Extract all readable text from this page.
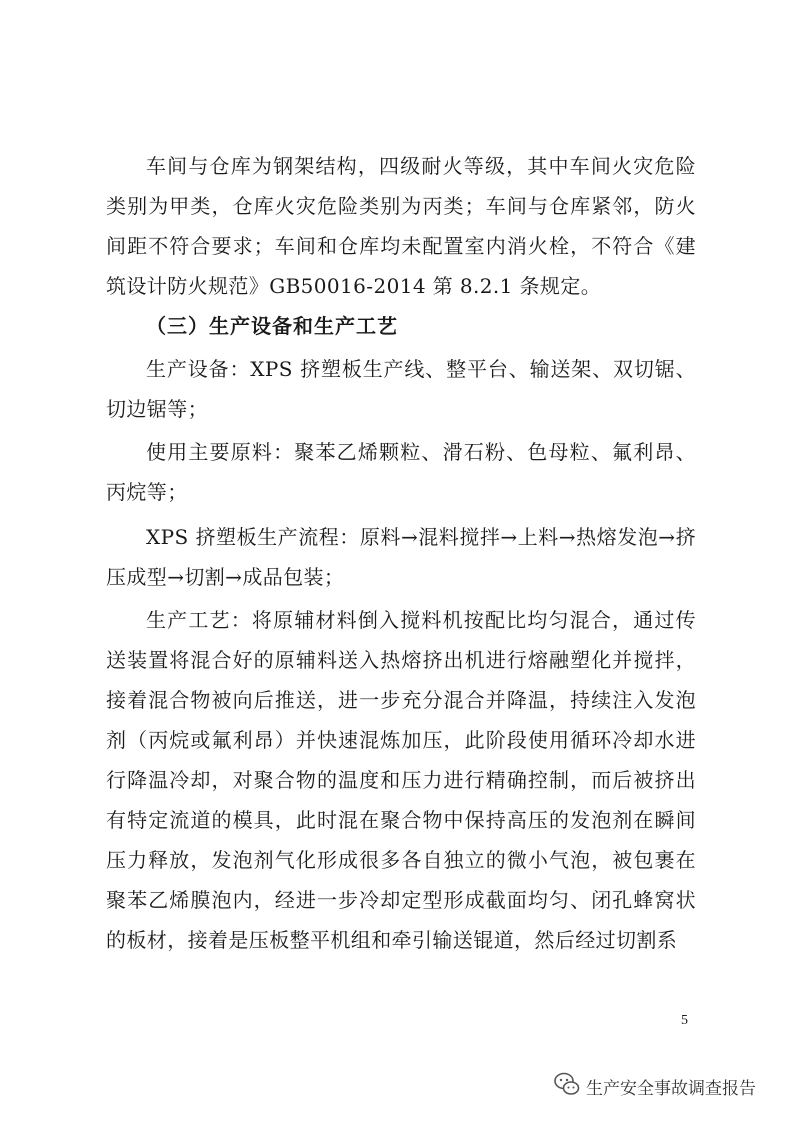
车间与仓库为钢架结构，四级耐火等级，其中车间火灾危险类别为甲类，仓库火灾危险类别为丙类；车间与仓库紧邻，防火间距不符合要求；车间和仓库均未配置室内消火栓，不符合《建筑设计防火规范》GB50016-2014 第 8.2.1 条规定。

（三）生产设备和生产工艺

生产设备：XPS 挤塑板生产线、整平台、输送架、双切锯、切边锯等；

使用主要原料：聚苯乙烯颗粒、滑石粉、色母粒、氟利昂、丙烷等；

XPS 挤塑板生产流程：原料→混料搅拌→上料→热熔发泡→挤压成型→切割→成品包装；

生产工艺：将原辅材料倒入搅料机按配比均匀混合，通过传送装置将混合好的原辅料送入热熔挤出机进行熔融塑化并搅拌，接着混合物被向后推送，进一步充分混合并降温，持续注入发泡剂（丙烷或氟利昂）并快速混炼加压，此阶段使用循环冷却水进行降温冷却，对聚合物的温度和压力进行精确控制，而后被挤出有特定流道的模具，此时混在聚合物中保持高压的发泡剂在瞬间压力释放，发泡剂气化形成很多各自独立的微小气泡，被包裹在聚苯乙烯膜泡内，经进一步冷却定型形成截面均匀、闭孔蜂窝状的板材，接着是压板整平机组和牵引输送锟道，然后经过切割系

5
生产安全事故调查报告
